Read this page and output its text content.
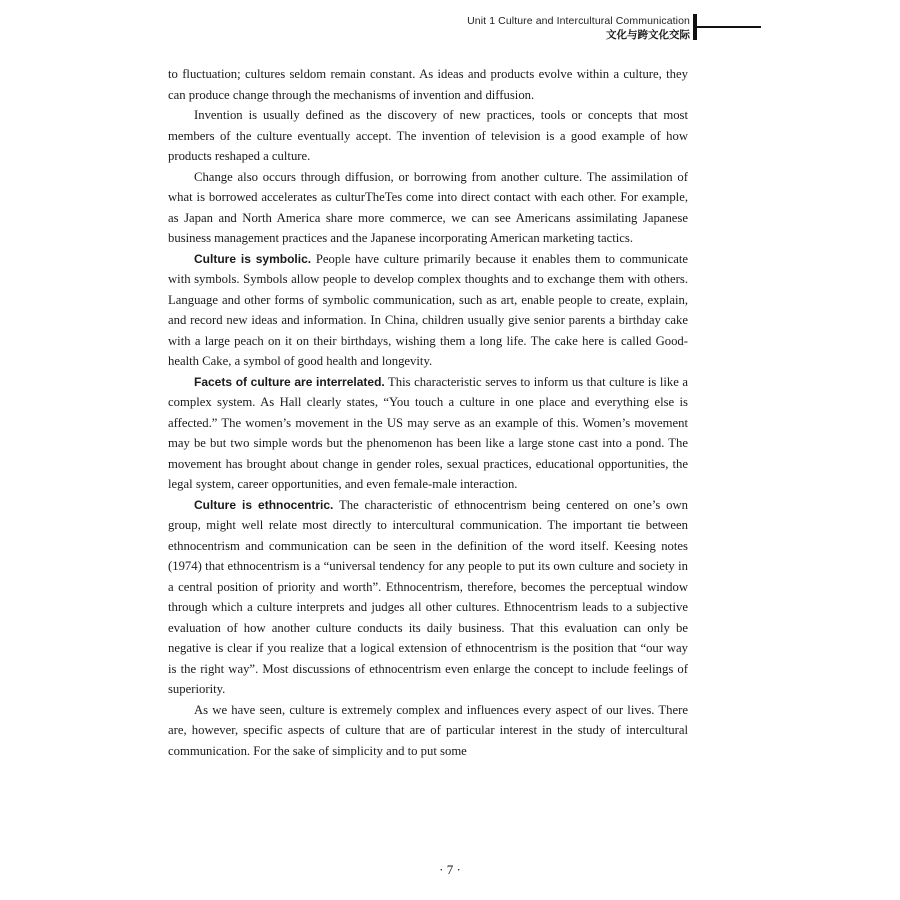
Unit 1 Culture and Intercultural Communication
文化与跨文化交际

to fluctuation; cultures seldom remain constant. As ideas and products evolve within a culture, they can produce change through the mechanisms of invention and diffusion.

Invention is usually defined as the discovery of new practices, tools or concepts that most members of the culture eventually accept. The invention of television is a good example of how products reshaped a culture.

Change also occurs through diffusion, or borrowing from another culture. The assimilation of what is borrowed accelerates as culturTheTes come into direct contact with each other. For example, as Japan and North America share more commerce, we can see Americans assimilating Japanese business management practices and the Japanese incorporating American marketing tactics.

Culture is symbolic. People have culture primarily because it enables them to communicate with symbols. Symbols allow people to develop complex thoughts and to exchange them with others. Language and other forms of symbolic communication, such as art, enable people to create, explain, and record new ideas and information. In China, children usually give senior parents a birthday cake with a large peach on it on their birthdays, wishing them a long life. The cake here is called Good-health Cake, a symbol of good health and longevity.

Facets of culture are interrelated. This characteristic serves to inform us that culture is like a complex system. As Hall clearly states, “You touch a culture in one place and everything else is affected.” The women’s movement in the US may serve as an example of this. Women’s movement may be but two simple words but the phenomenon has been like a large stone cast into a pond. The movement has brought about change in gender roles, sexual practices, educational opportunities, the legal system, career opportunities, and even female-male interaction.

Culture is ethnocentric. The characteristic of ethnocentrism being centered on one’s own group, might well relate most directly to intercultural communication. The important tie between ethnocentrism and communication can be seen in the definition of the word itself. Keesing notes (1974) that ethnocentrism is a “universal tendency for any people to put its own culture and society in a central position of priority and worth”. Ethnocentrism, therefore, becomes the perceptual window through which a culture interprets and judges all other cultures. Ethnocentrism leads to a subjective evaluation of how another culture conducts its daily business. That this evaluation can only be negative is clear if you realize that a logical extension of ethnocentrism is the position that “our way is the right way”. Most discussions of ethnocentrism even enlarge the concept to include feelings of superiority.

As we have seen, culture is extremely complex and influences every aspect of our lives. There are, however, specific aspects of culture that are of particular interest in the study of intercultural communication. For the sake of simplicity and to put some

· 7 ·
